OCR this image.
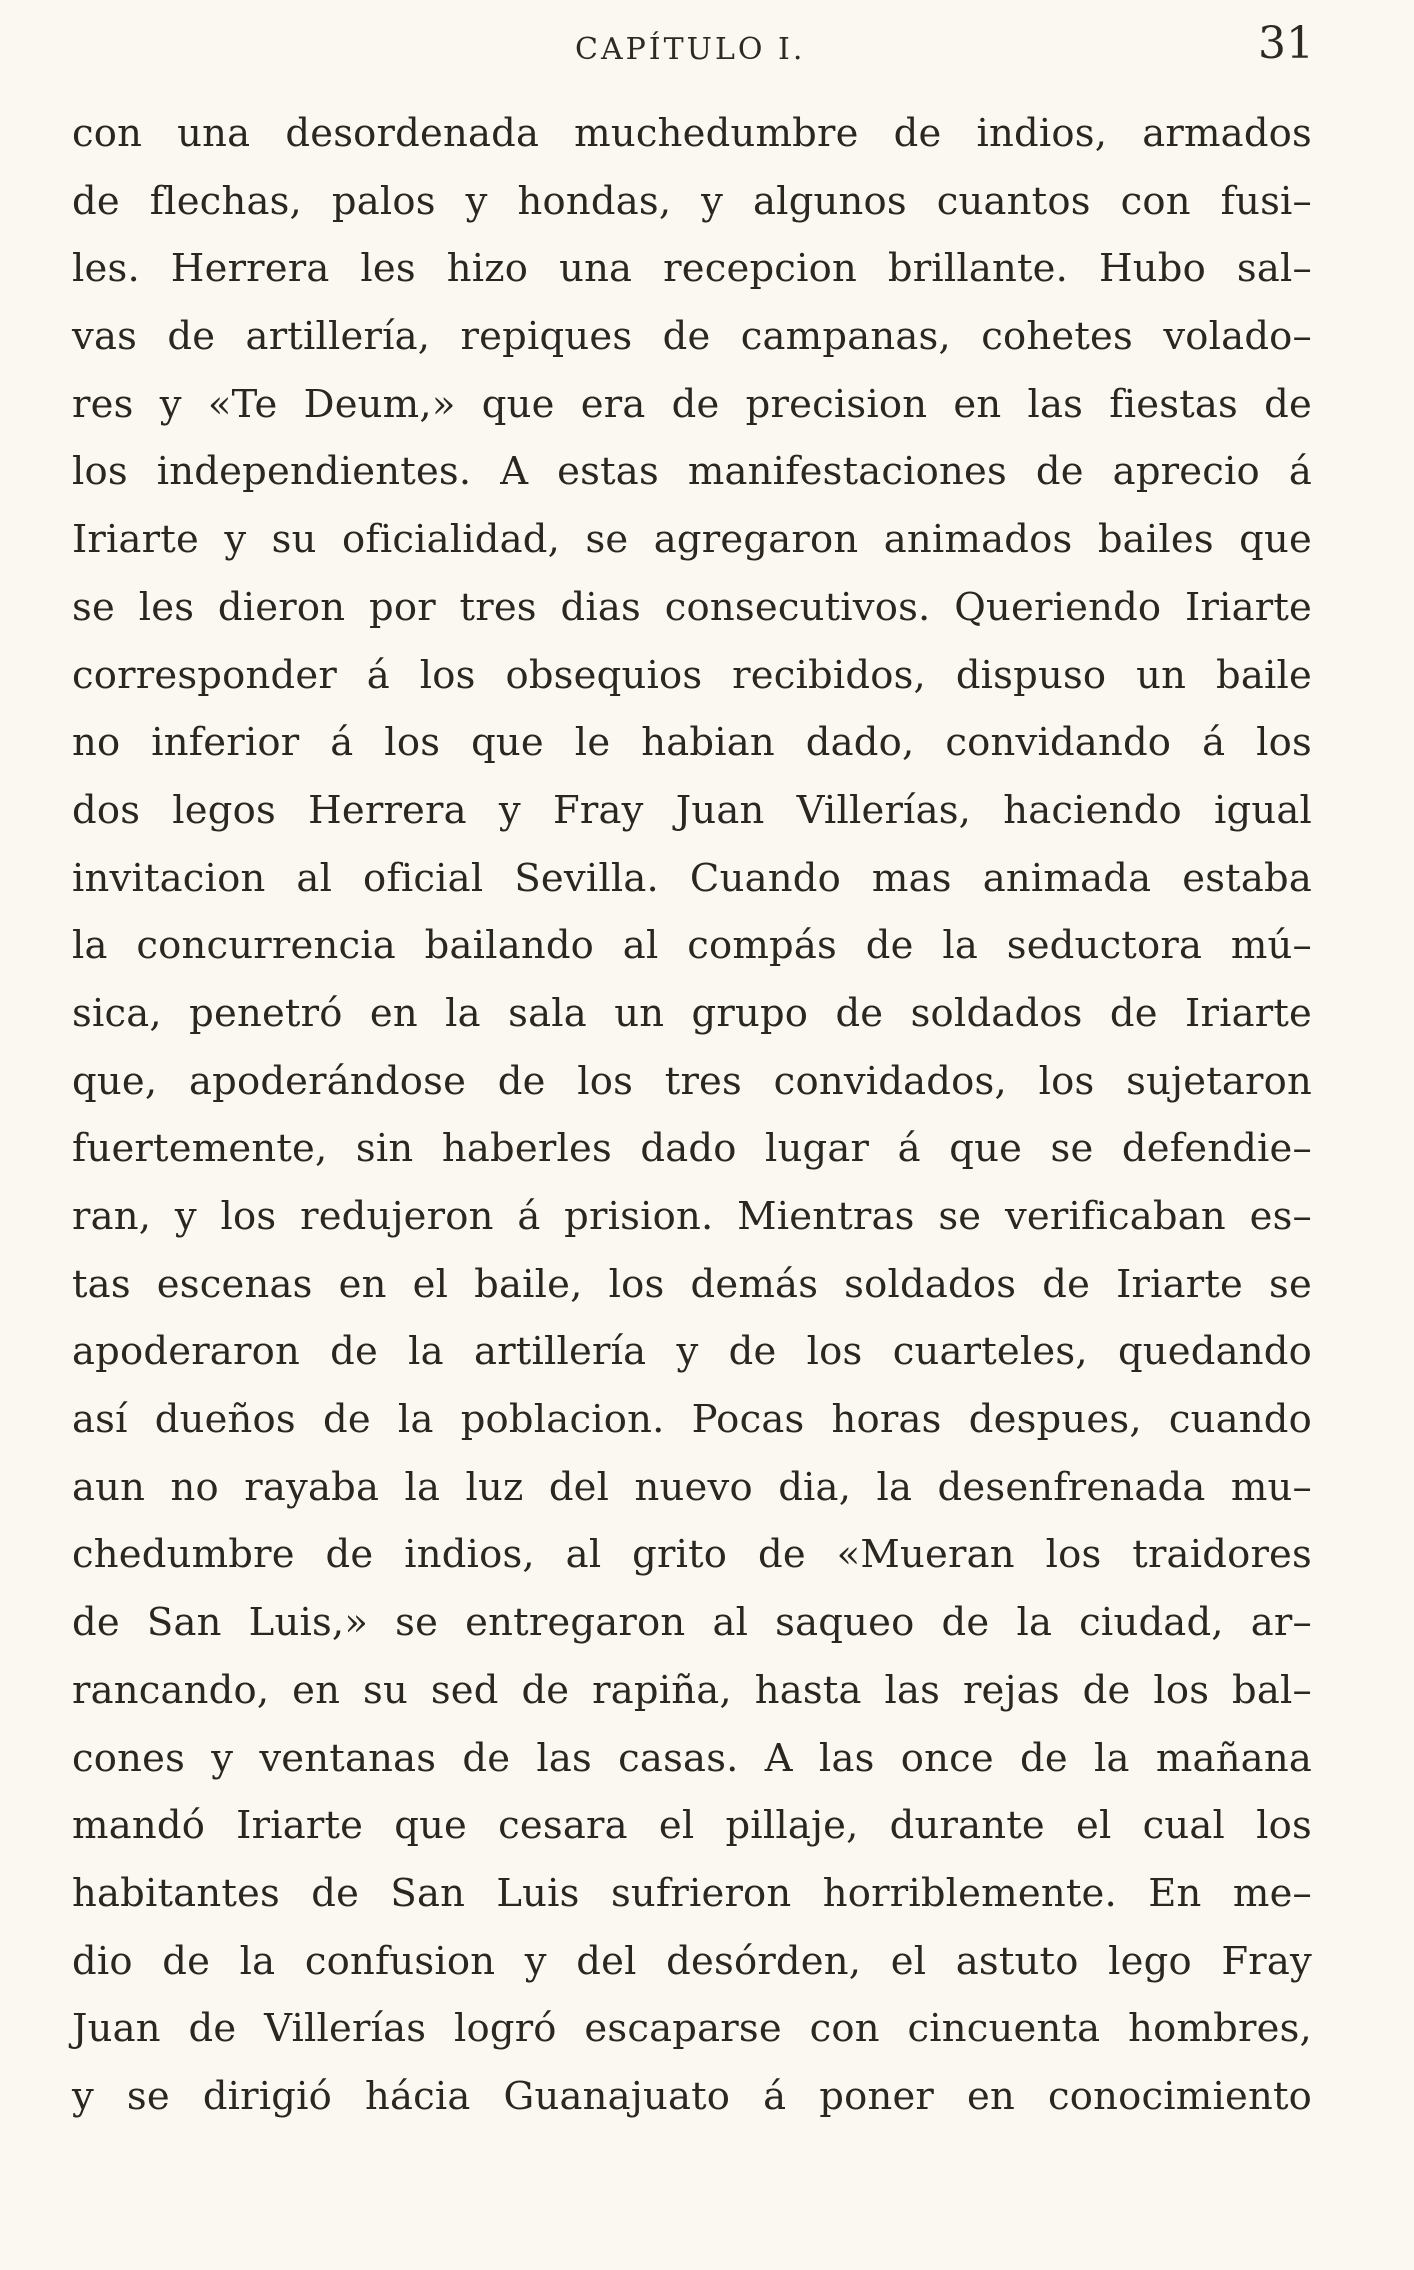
CAPÍTULO I.	31
con una desordenada muchedumbre de indios, armados
de flechas, palos y hondas, y algunos cuantos con fusi–
les. Herrera les hizo una recepcion brillante. Hubo sal–
vas de artillería, repiques de campanas, cohetes volado–
res y «Te Deum,» que era de precision en las fiestas de
los independientes. A estas manifestaciones de aprecio á
Iriarte y su oficialidad, se agregaron animados bailes que
se les dieron por tres dias consecutivos. Queriendo Iriarte
corresponder á los obsequios recibidos, dispuso un baile
no inferior á los que le habian dado, convidando á los
dos legos Herrera y Fray Juan Villerías, haciendo igual
invitacion al oficial Sevilla. Cuando mas animada estaba
la concurrencia bailando al compás de la seductora mú–
sica, penetró en la sala un grupo de soldados de Iriarte
que, apoderándose de los tres convidados, los sujetaron
fuertemente, sin haberles dado lugar á que se defendie–
ran, y los redujeron á prision. Mientras se verificaban es–
tas escenas en el baile, los demás soldados de Iriarte se
apoderaron de la artillería y de los cuarteles, quedando
así dueños de la poblacion. Pocas horas despues, cuando
aun no rayaba la luz del nuevo dia, la desenfrenada mu–
chedumbre de indios, al grito de «Mueran los traidores
de San Luis,» se entregaron al saqueo de la ciudad, ar–
rancando, en su sed de rapiña, hasta las rejas de los bal–
cones y ventanas de las casas. A las once de la mañana
mandó Iriarte que cesara el pillaje, durante el cual los
habitantes de San Luis sufrieron horriblemente. En me–
dio de la confusion y del desórden, el astuto lego Fray
Juan de Villerías logró escaparse con cincuenta hombres,
y se dirigió hácia Guanajuato á poner en conocimiento
